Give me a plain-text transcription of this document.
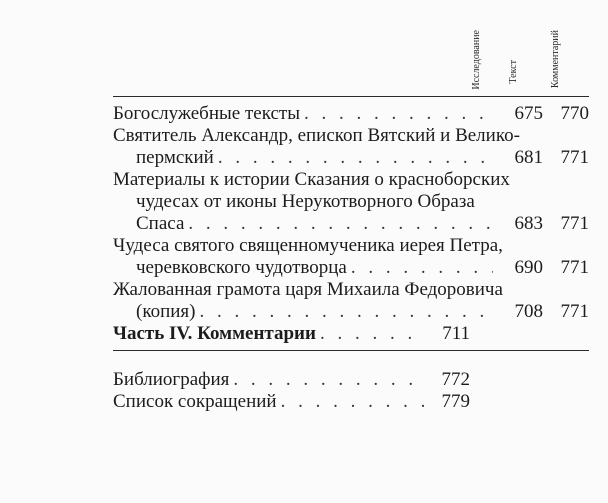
Исследование	Текст	Комментарий
Богослужебные тексты . . .	675 770
Святитель Александр, епископ Вятский и Велико-
пермский . . .	681 771
Материалы к истории Сказания о красноборских
чудесах от иконы Нерукотворного Образа
Спаса . . .	683 771
Чудеса святого священномученика иерея Петра,
черевковского чудотворца . . .	690 771
Жалованная грамота царя Михаила Федоровича
(копия) . . .	708 771
Часть IV. Комментарии . . .	711
Библиография . . .	772
Список сокращений . . .	779
